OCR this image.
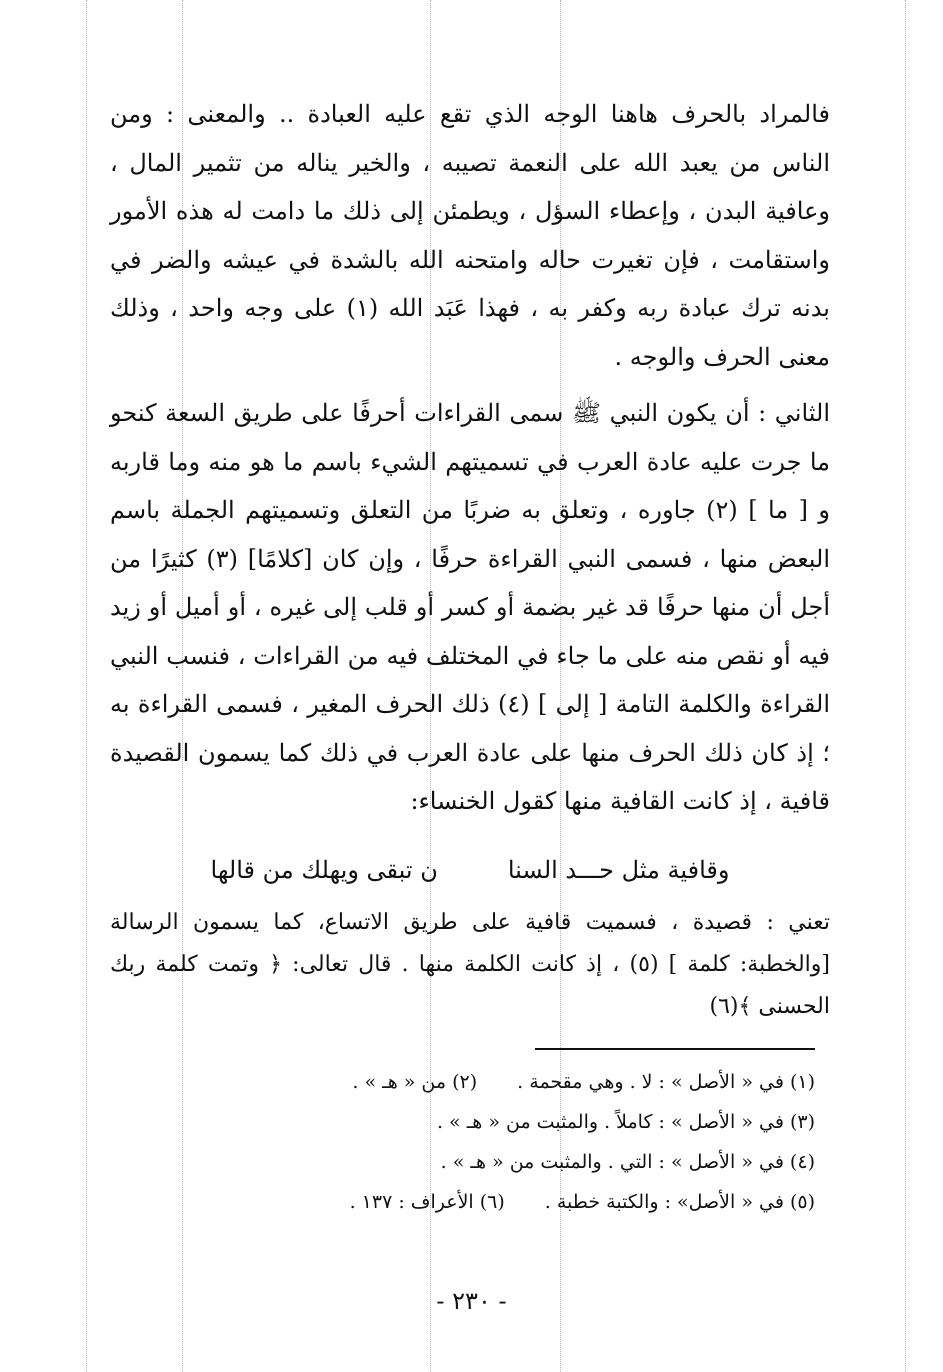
فالمراد بالحرف هاهنا الوجه الذي تقع عليه العبادة .. والمعنى : ومن الناس من يعبد الله على النعمة تصيبه ، والخير يناله من تثمير المال ، وعافية البدن ، وإعطاء السؤل ، ويطمئن إلى ذلك ما دامت له هذه الأمور واستقامت ، فإن تغيرت حاله وامتحنه الله بالشدة في عيشه والضر في بدنه ترك عبادة ربه وكفر به ، فهذا عَبَد الله (١) على وجه واحد ، وذلك معنى الحرف والوجه .

الثاني : أن يكون النبي ﷺ سمى القراءات أحرفًا على طريق السعة كنحو ما جرت عليه عادة العرب في تسميتهم الشيء باسم ما هو منه وما قاربه و [ ما ] (٢) جاوره ، وتعلق به ضربًا من التعلق وتسميتهم الجملة باسم البعض منها ، فسمى النبي القراءة حرفًا ، وإن كان [كلامًا] (٣) كثيرًا من أجل أن منها حرفًا قد غير بضمة أو كسر أو قلب إلى غيره ، أو أميل أو زيد فيه أو نقص منه على ما جاء في المختلف فيه من القراءات ، فنسب النبي القراءة والكلمة التامة [ إلى ] (٤) ذلك الحرف المغير ، فسمى القراءة به ؛ إذ كان ذلك الحرف منها على عادة العرب في ذلك كما يسمون القصيدة قافية ، إذ كانت القافية منها كقول الخنساء:

وقافية مثل حـــد السنا
ن تبقى ويهلك من قالها

تعني : قصيدة ، فسميت قافية على طريق الاتساع، كما يسمون الرسالة [والخطبة: كلمة ] (٥) ، إذ كانت الكلمة منها . قال تعالى: ﴿ وتمت كلمة ربك الحسنى ﴾(٦)

(١) في « الأصل » : لا . وهي مقحمة .(٢) من « هـ » .
(٣) في « الأصل » : كاملاً . والمثبت من « هـ » .
(٤) في « الأصل » : التي . والمثبت من « هـ » .
(٥) في « الأصل» : والكتبة خطبة .(٦) الأعراف : ١٣٧ .
- ٢٣٠ -
